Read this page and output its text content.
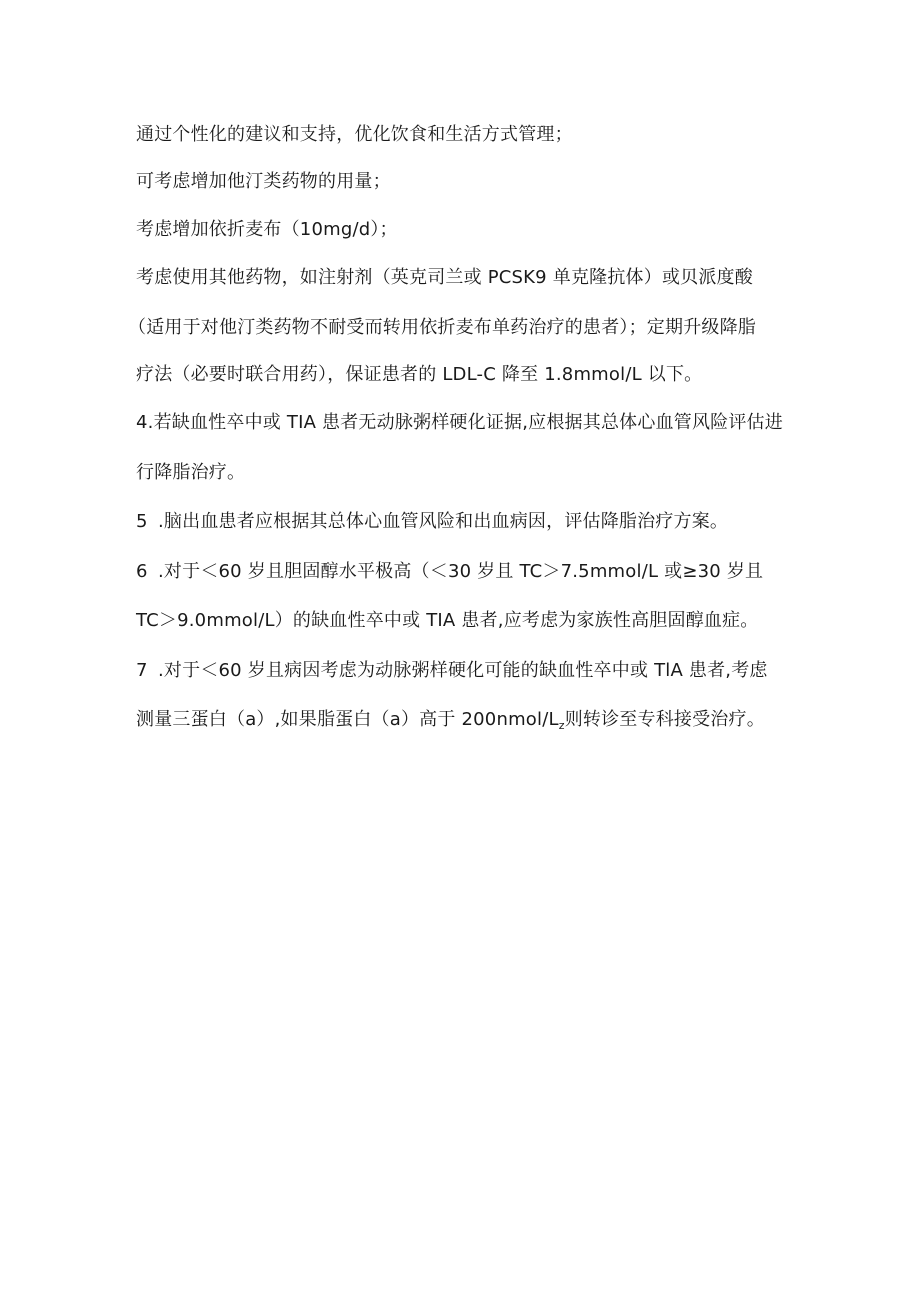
通过个性化的建议和支持，优化饮食和生活方式管理；
可考虑增加他汀类药物的用量；
考虑增加依折麦布（10mg/d）；
考虑使用其他药物，如注射剂（英克司兰或 PCSK9 单克隆抗体）或贝派度酸
（适用于对他汀类药物不耐受而转用依折麦布单药治疗的患者）；定期升级降脂
疗法（必要时联合用药），保证患者的 LDL-C 降至 1.8mmol/L 以下。
4.若缺血性卒中或 TIA 患者无动脉粥样硬化证据,应根据其总体心血管风险评估进
行降脂治疗。
5 .脑出血患者应根据其总体心血管风险和出血病因，评估降脂治疗方案。
6 .对于＜60 岁且胆固醇水平极高（＜30 岁且 TC＞7.5mmol/L 或≥30 岁且
TC＞9.0mmol/L）的缺血性卒中或 TIA 患者,应考虑为家族性高胆固醇血症。
7 .对于＜60 岁且病因考虑为动脉粥样硬化可能的缺血性卒中或 TlA 患者,考虑
测量三蛋白（a）,如果脂蛋白（a）高于 $200nmol/L_z$则转诊至专科接受治疗。
